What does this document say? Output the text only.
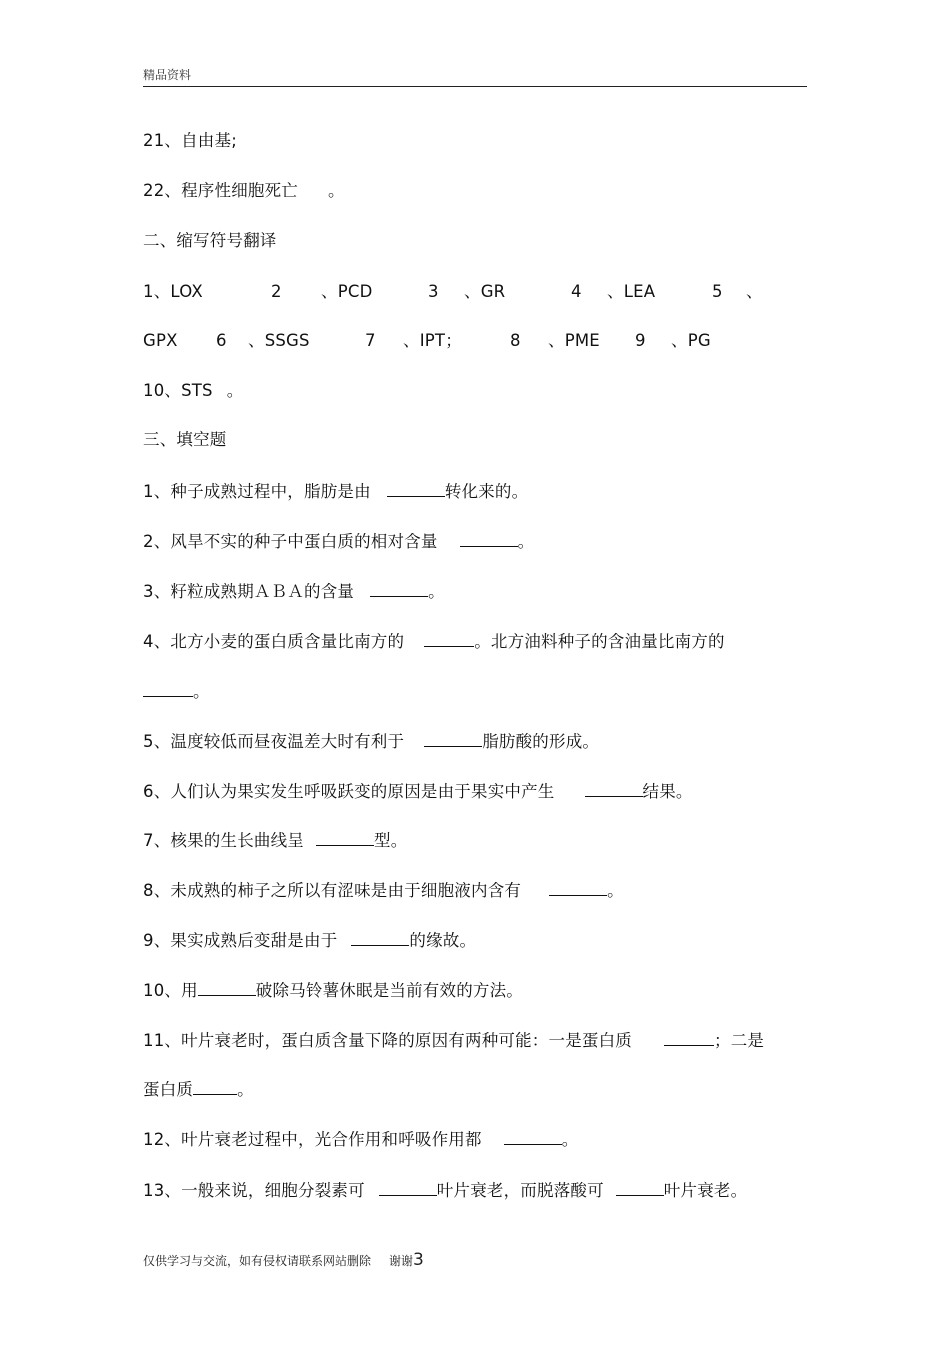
精品资料
21、自由基;
22、程序性细胞死亡 。
二、缩写符号翻译
1、LOX	2 、PCD	3 、GR	4 、LEA	5 、
GPX 6 、SSGS	7 、IPT；	8 、PME 9 、PG
10、STS 。
三、填空题
1、种子成熟过程中，脂肪是由	转化来的。
2、风旱不实的种子中蛋白质的相对含量	。
3、籽粒成熟期ＡＢＡ的含量	。
4、北方小麦的蛋白质含量比南方的	。北方油料种子的含油量比南方的
。
5、温度较低而昼夜温差大时有利于	脂肪酸的形成。
6、人们认为果实发生呼吸跃变的原因是由于果实中产生	结果。
7、核果的生长曲线呈	型。
8、未成熟的柿子之所以有涩味是由于细胞液内含有	。
9、果实成熟后变甜是由于	的缘故。
10、用	破除马铃薯休眠是当前有效的方法。
11、叶片衰老时，蛋白质含量下降的原因有两种可能：一是蛋白质	；二是
蛋白质	。
12、叶片衰老过程中，光合作用和呼吸作用都	。
13、一般来说，细胞分裂素可	叶片衰老，而脱落酸可	叶片衰老。
仅供学习与交流，如有侵权请联系网站删除 谢谢3
